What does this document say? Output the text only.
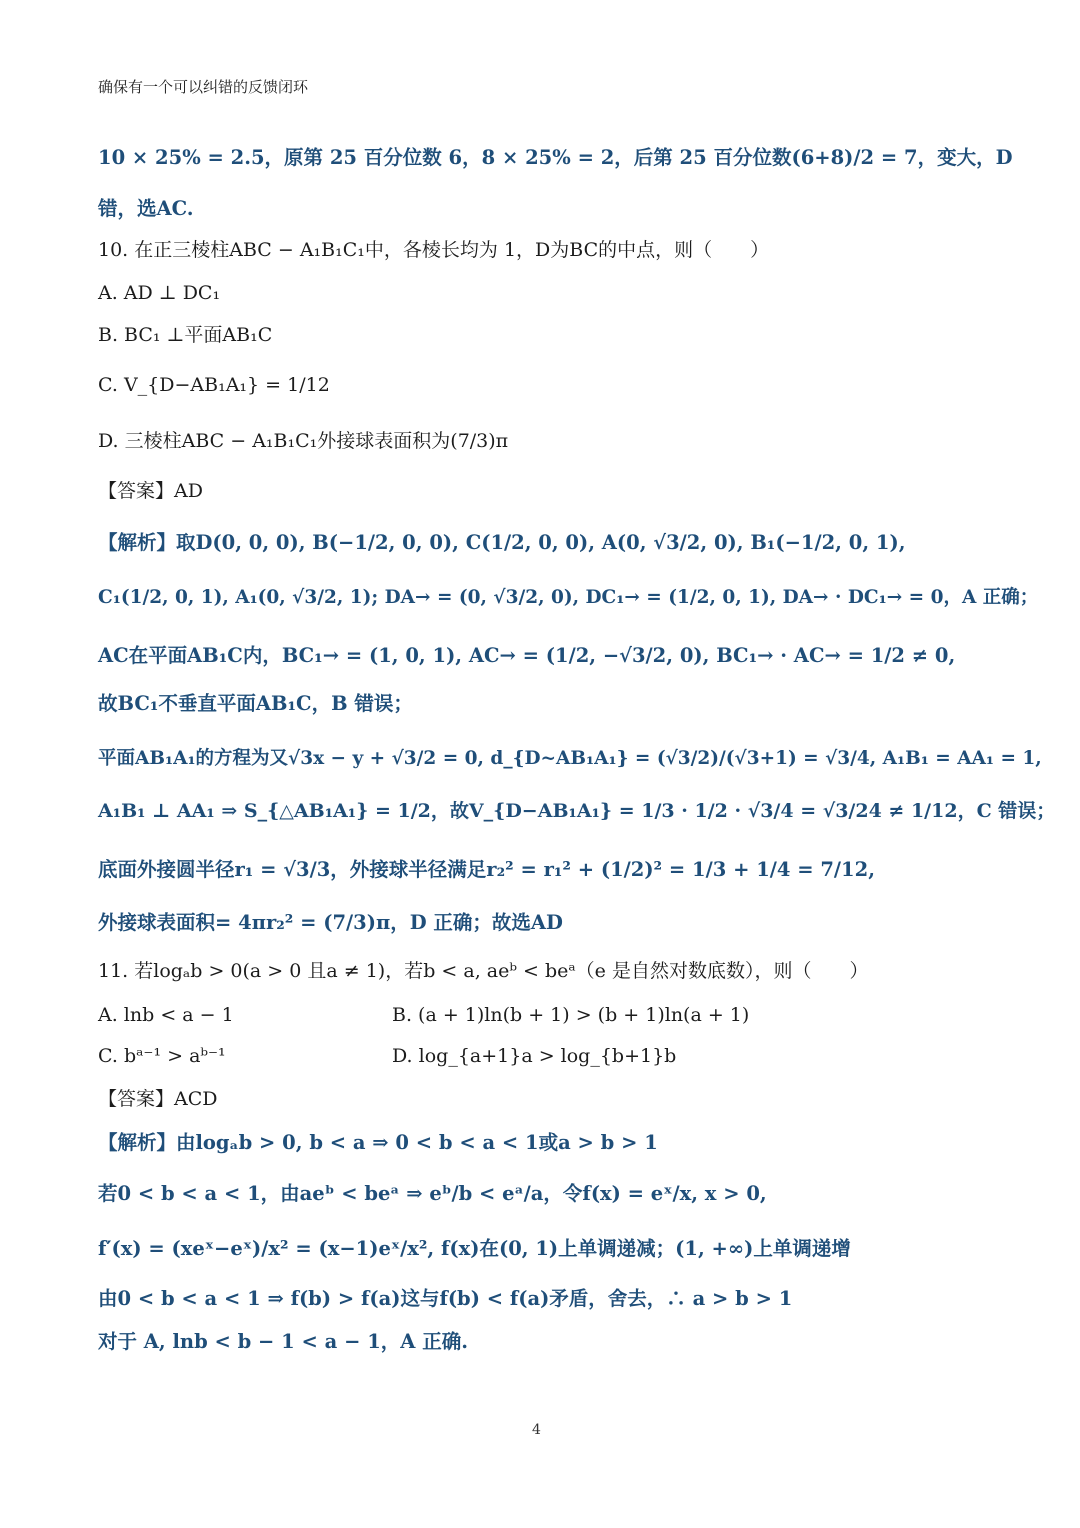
确保有一个可以纠错的反馈闭环
10 × 25% = 2.5，原第 25 百分位数 6，8 × 25% = 2，后第 25 百分位数(6+8)/2 = 7，变大，D
错，选AC.
10. 在正三棱柱ABC − A₁B₁C₁中，各棱长均为 1，D为BC的中点，则（　　）
A. AD ⊥ DC₁
B. BC₁ ⊥平面AB₁C
C. V_{D−AB₁A₁} = 1/12
D. 三棱柱ABC − A₁B₁C₁外接球表面积为(7/3)π
【答案】AD
【解析】取D(0, 0, 0), B(−1/2, 0, 0), C(1/2, 0, 0), A(0, √3/2, 0), B₁(−1/2, 0, 1),
C₁(1/2, 0, 1), A₁(0, √3/2, 1); DA→ = (0, √3/2, 0), DC₁→ = (1/2, 0, 1), DA→ · DC₁→ = 0，A 正确；
AC在平面AB₁C内，BC₁→ = (1, 0, 1), AC→ = (1/2, −√3/2, 0), BC₁→ · AC→ = 1/2 ≠ 0,
故BC₁不垂直平面AB₁C，B 错误；
平面AB₁A₁的方程为又√3x − y + √3/2 = 0, d_{D~AB₁A₁} = (√3/2)/(√3+1) = √3/4, A₁B₁ = AA₁ = 1,
A₁B₁ ⊥ AA₁ ⇒ S_{△AB₁A₁} = 1/2，故V_{D−AB₁A₁} = 1/3 · 1/2 · √3/4 = √3/24 ≠ 1/12，C 错误；
底面外接圆半径r₁ = √3/3，外接球半径满足r₂² = r₁² + (1/2)² = 1/3 + 1/4 = 7/12,
外接球表面积= 4πr₂² = (7/3)π，D 正确；故选AD
11. 若logₐb > 0(a > 0 且a ≠ 1)，若b < a, aeᵇ < beᵃ（e 是自然对数底数），则（　　）
A. lnb < a − 1	B. (a + 1)ln(b + 1) > (b + 1)ln(a + 1)
C. bᵃ⁻¹ > aᵇ⁻¹	D. log_{a+1}a > log_{b+1}b
【答案】ACD
【解析】由logₐb > 0, b < a ⇒ 0 < b < a < 1或a > b > 1
若0 < b < a < 1，由aeᵇ < beᵃ ⇒ eᵇ/b < eᵃ/a，令f(x) = eˣ/x, x > 0,
f′(x) = (xeˣ−eˣ)/x² = (x−1)eˣ/x², f(x)在(0, 1)上单调递减；(1, +∞)上单调递增
由0 < b < a < 1 ⇒ f(b) > f(a)这与f(b) < f(a)矛盾，舍去，∴ a > b > 1
对于 A, lnb < b − 1 < a − 1，A 正确.
4
